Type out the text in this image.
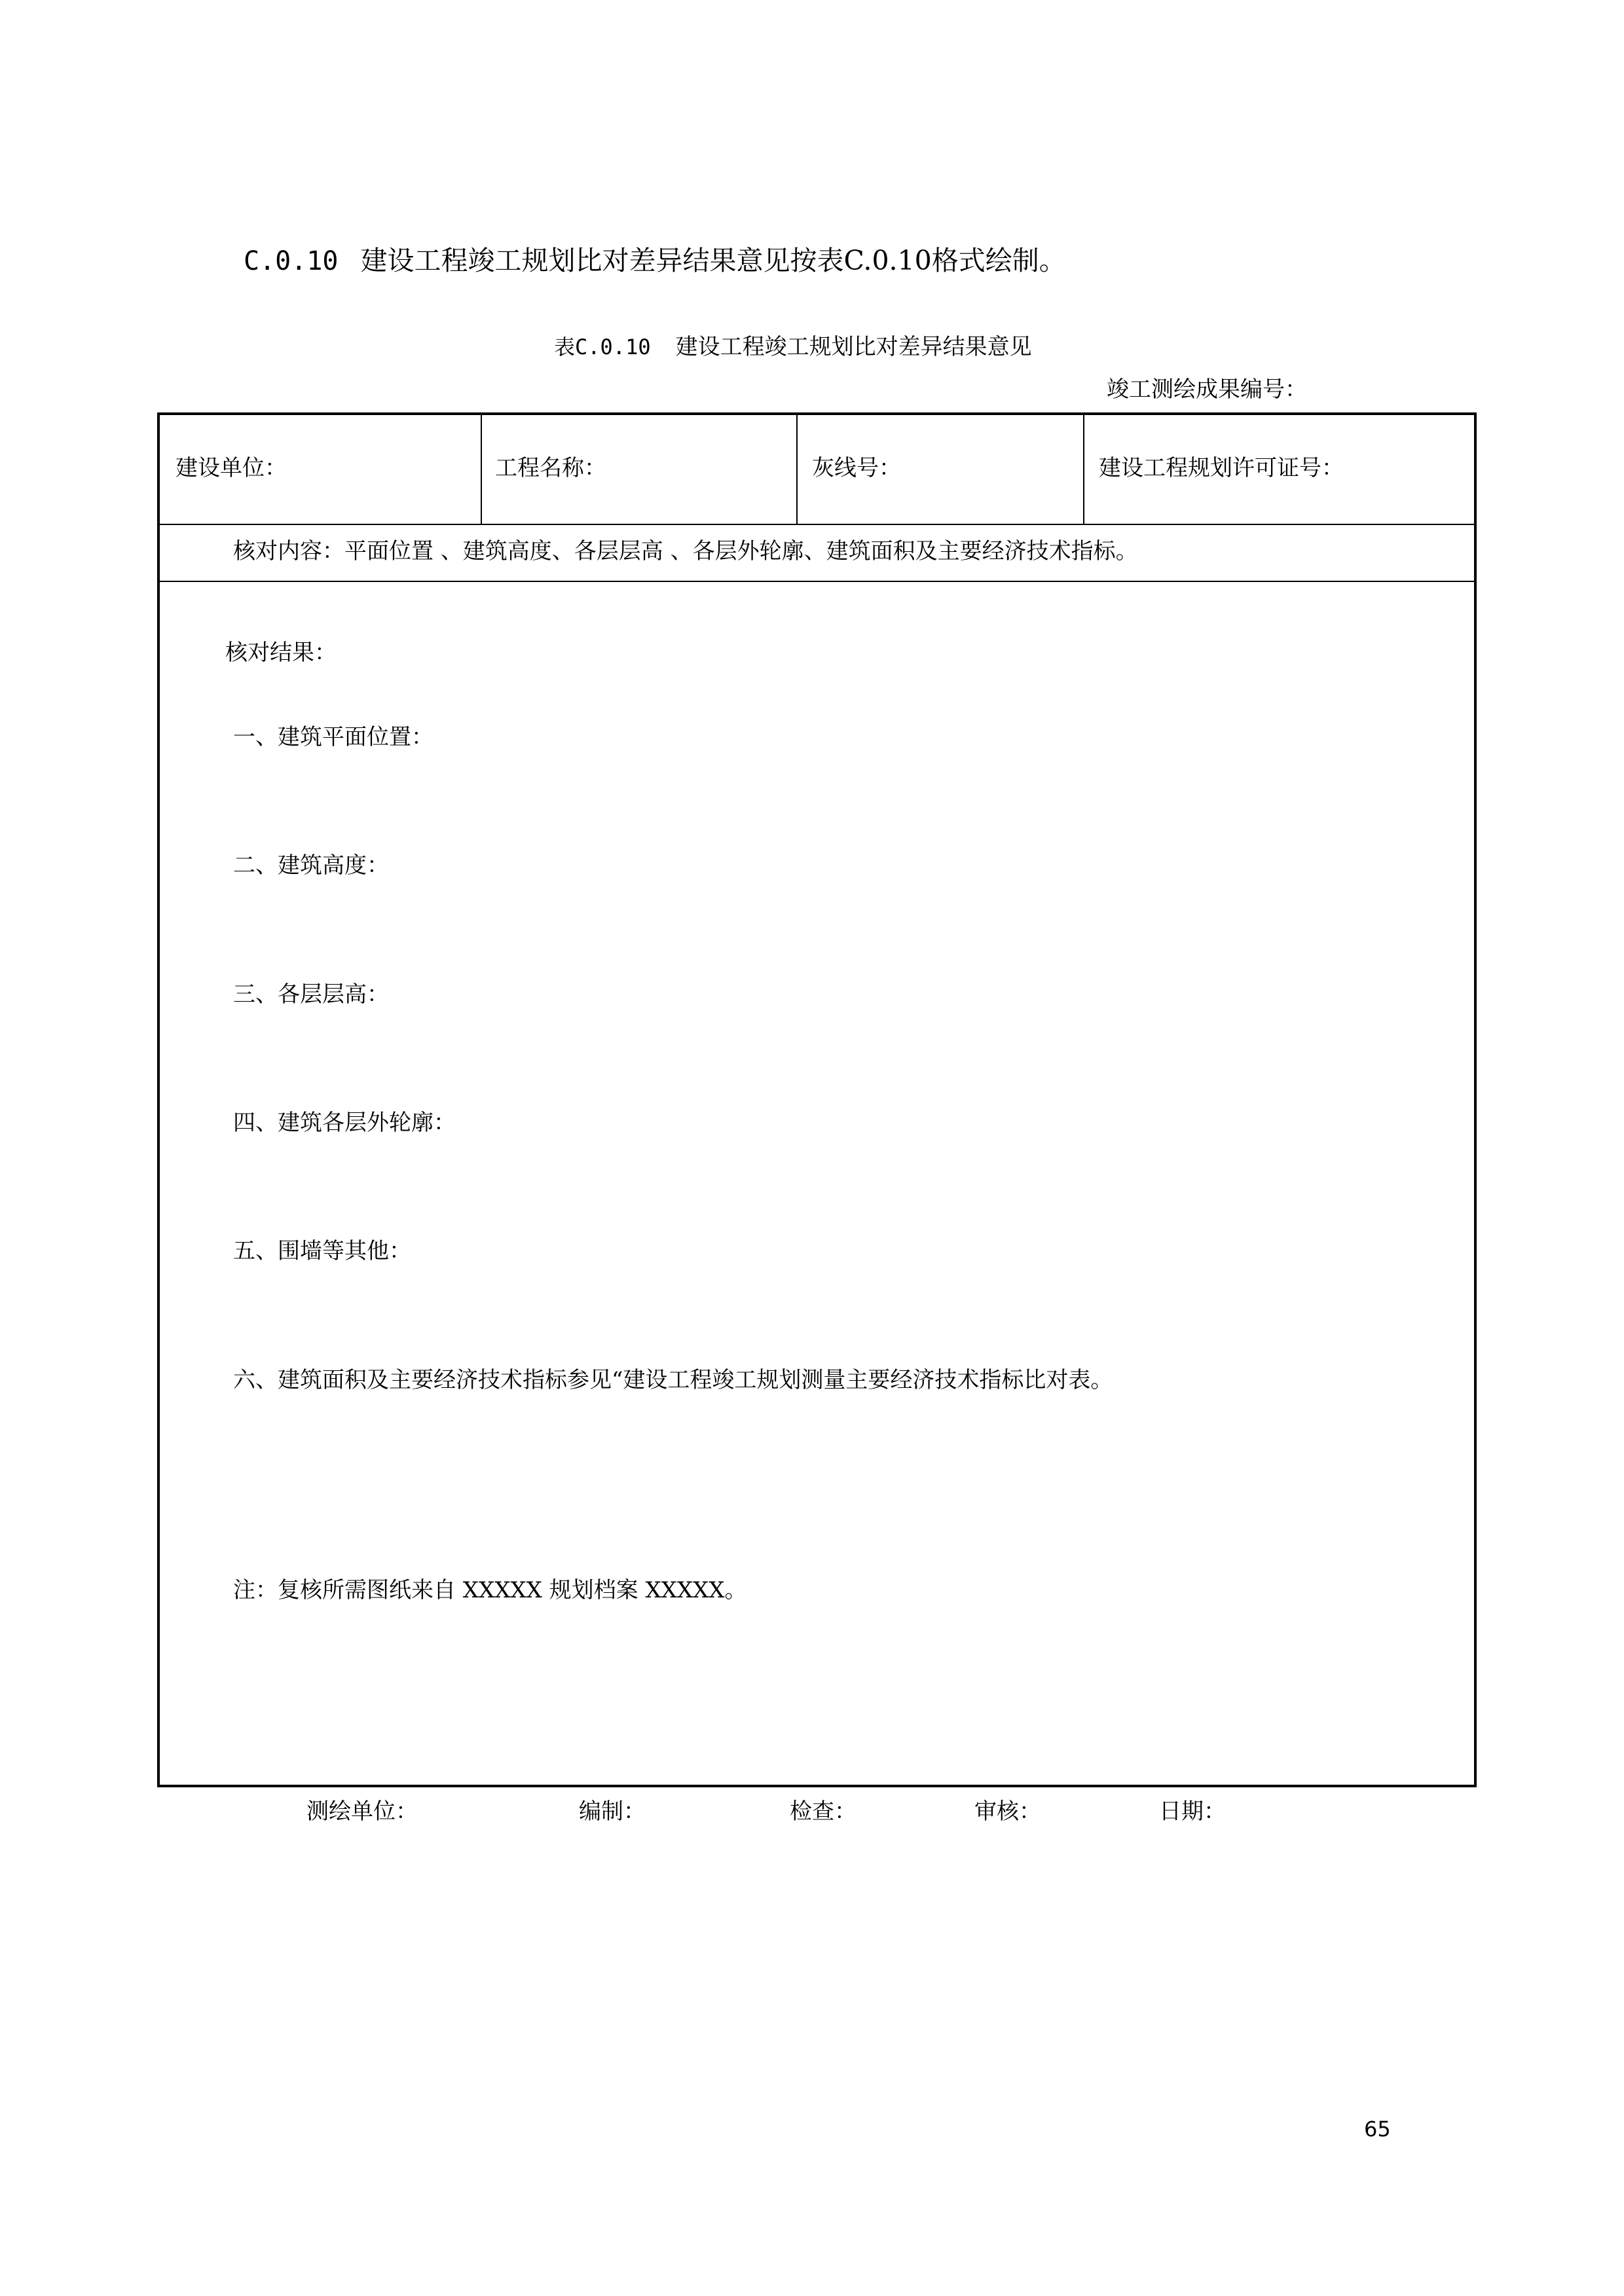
C.0.10 建设工程竣工规划比对差异结果意见按表C.0.10格式绘制。
表C.0.10 建设工程竣工规划比对差异结果意见
竣工测绘成果编号：
建设单位：	工程名称：	灰线号：	建设工程规划许可证号：
核对内容：平面位置 、建筑高度、各层层高 、各层外轮廓、建筑面积及主要经济技术指标。
核对结果：
一、建筑平面位置：
二、建筑高度：
三、各层层高：
四、建筑各层外轮廓：
五、围墙等其他：
六、建筑面积及主要经济技术指标参见“建设工程竣工规划测量主要经济技术指标比对表。
注：复核所需图纸来自 XXXXX 规划档案 XXXXX。
测绘单位：	编制：	检查：	审核：	日期：
65
